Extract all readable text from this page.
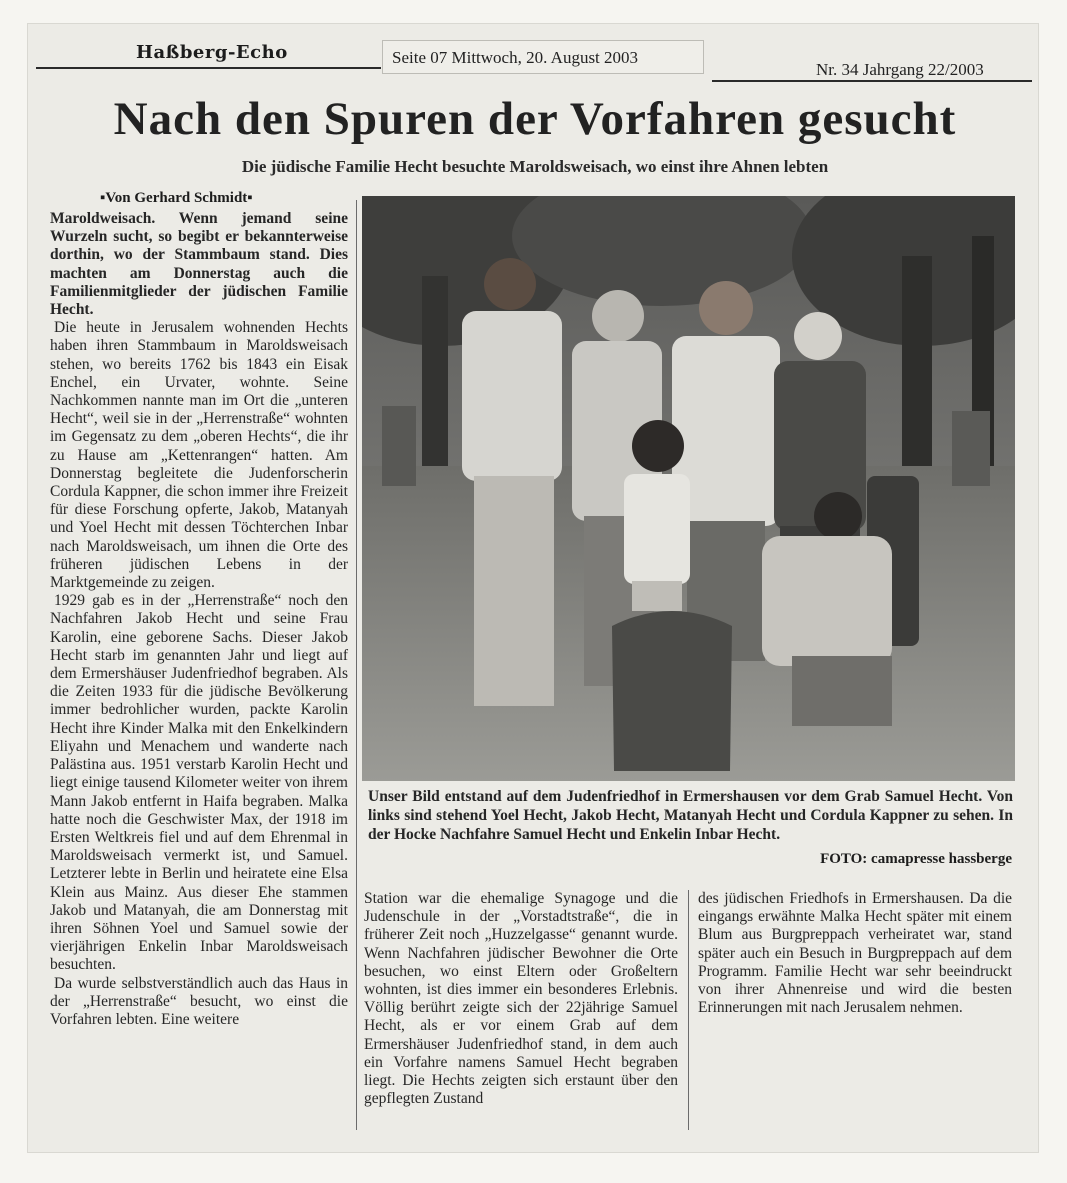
Haßberg-Echo	Seite 07 Mittwoch, 20. August 2003
Nr. 34 Jahrgang 22/2003
Nach den Spuren der Vorfahren gesucht
Die jüdische Familie Hecht besuchte Maroldsweisach, wo einst ihre Ahnen lebten
▪Von Gerhard Schmidt▪

Maroldweisach. Wenn jemand seine Wurzeln sucht, so begibt er bekannterweise dorthin, wo der Stammbaum stand. Dies machten am Donnerstag auch die Familienmitglieder der jüdischen Familie Hecht.

Die heute in Jerusalem wohnenden Hechts haben ihren Stammbaum in Maroldsweisach stehen, wo bereits 1762 bis 1843 ein Eisak Enchel, ein Urvater, wohnte. Seine Nachkommen nannte man im Ort die „unteren Hecht“, weil sie in der „Herrenstraße“ wohnten im Gegensatz zu dem „oberen Hechts“, die ihr zu Hause am „Kettenrangen“ hatten. Am Donnerstag begleitete die Judenforscherin Cordula Kappner, die schon immer ihre Freizeit für diese Forschung opferte, Jakob, Matanyah und Yoel Hecht mit dessen Töchterchen Inbar nach Maroldsweisach, um ihnen die Orte des früheren jüdischen Lebens in der Marktgemeinde zu zeigen.

1929 gab es in der „Herrenstraße“ noch den Nachfahren Jakob Hecht und seine Frau Karolin, eine geborene Sachs. Dieser Jakob Hecht starb im genannten Jahr und liegt auf dem Ermershäuser Judenfriedhof begraben. Als die Zeiten 1933 für die jüdische Bevölkerung immer bedrohlicher wurden, packte Karolin Hecht ihre Kinder Malka mit den Enkelkindern Eliyahn und Menachem und wanderte nach Palästina aus. 1951 verstarb Karolin Hecht und liegt einige tausend Kilometer weiter von ihrem Mann Jakob entfernt in Haifa begraben. Malka hatte noch die Geschwister Max, der 1918 im Ersten Weltkreis fiel und auf dem Ehrenmal in Maroldsweisach vermerkt ist, und Samuel. Letzterer lebte in Berlin und heiratete eine Elsa Klein aus Mainz. Aus dieser Ehe stammen Jakob und Matanyah, die am Donnerstag mit ihren Söhnen Yoel und Samuel sowie der vierjährigen Enkelin Inbar Maroldsweisach besuchten.

Da wurde selbstverständlich auch das Haus in der „Herrenstraße“ besucht, wo einst die Vorfahren lebten. Eine weitere

Unser Bild entstand auf dem Judenfriedhof in Ermershausen vor dem Grab Samuel Hecht. Von links sind stehend Yoel Hecht, Jakob Hecht, Matanyah Hecht und Cordula Kappner zu sehen. In der Hocke Nachfahre Samuel Hecht und Enkelin Inbar Hecht.
FOTO: camapresse hassberge

Station war die ehemalige Synagoge und die Judenschule in der „Vorstadtstraße“, die in früherer Zeit noch „Huzzelgasse“ genannt wurde. Wenn Nachfahren jüdischer Bewohner die Orte besuchen, wo einst Eltern oder Großeltern wohnten, ist dies immer ein besonderes Erlebnis. Völlig berührt zeigte sich der 22jährige Samuel Hecht, als er vor einem Grab auf dem Ermershäuser Judenfriedhof stand, in dem auch ein Vorfahre namens Samuel Hecht begraben liegt. Die Hechts zeigten sich erstaunt über den gepflegten Zustand

des jüdischen Friedhofs in Ermershausen. Da die eingangs erwähnte Malka Hecht später mit einem Blum aus Burgpreppach verheiratet war, stand später auch ein Besuch in Burgpreppach auf dem Programm. Familie Hecht war sehr beeindruckt von ihrer Ahnenreise und wird die besten Erinnerungen mit nach Jerusalem nehmen.
